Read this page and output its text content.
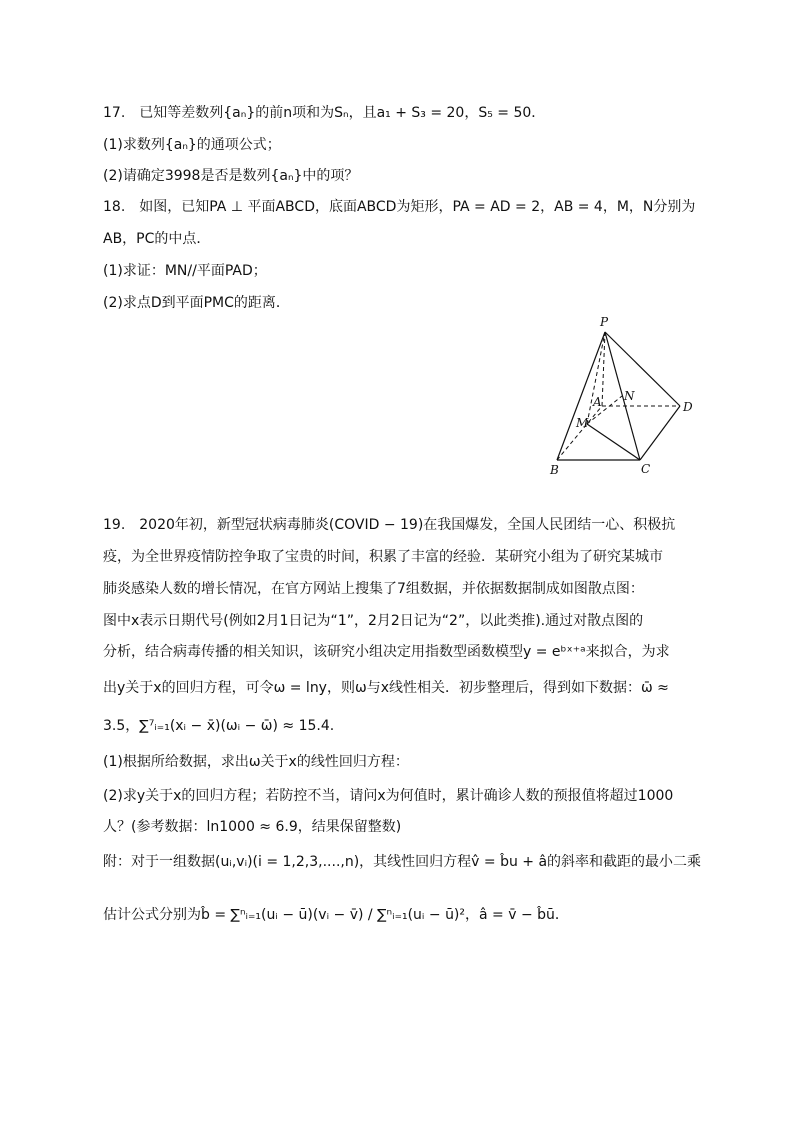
17.　已知等差数列{aₙ}的前n项和为Sₙ，且a₁ + S₃ = 20，S₅ = 50．
(1)求数列{aₙ}的通项公式；
(2)请确定3998是否是数列{aₙ}中的项？
18.　如图，已知PA ⊥ 平面ABCD，底面ABCD为矩形，PA = AD = 2，AB = 4，M，N分别为
AB，PC的中点．
(1)求证：MN//平面PAD；
(2)求点D到平面PMC的距离．
P
A N
D
M
B	C
19.　2020年初，新型冠状病毒肺炎(COVID − 19)在我国爆发，全国人民团结一心、积极抗
疫，为全世界疫情防控争取了宝贵的时间，积累了丰富的经验．某研究小组为了研究某城市
肺炎感染人数的增长情况，在官方网站上搜集了7组数据，并依据数据制成如图散点图：
图中x表示日期代号(例如2月1日记为“1”，2月2日记为“2”，以此类推).通过对散点图的
分析，结合病毒传播的相关知识，该研究小组决定用指数型函数模型y = eᵇˣ⁺ᵃ来拟合，为求
出y关于x的回归方程，可令ω = lny，则ω与x线性相关．初步整理后，得到如下数据：ω̄ ≈
3.5，∑⁷ᵢ₌₁(xᵢ − x̄)(ωᵢ − ω̄) ≈ 15.4.
(1)根据所给数据，求出ω关于x的线性回归方程：
(2)求y关于x的回归方程；若防控不当，请问x为何值时，累计确诊人数的预报值将超过1000
人？(参考数据：ln1000 ≈ 6.9，结果保留整数)
附：对于一组数据(uᵢ,vᵢ)(i = 1,2,3,....,n)，其线性回归方程v̂ = b̂u + â的斜率和截距的最小二乘
估计公式分别为b̂ = ∑ⁿᵢ₌₁(uᵢ − ū)(vᵢ − v̄) / ∑ⁿᵢ₌₁(uᵢ − ū)²，â = v̄ − b̂ū．
